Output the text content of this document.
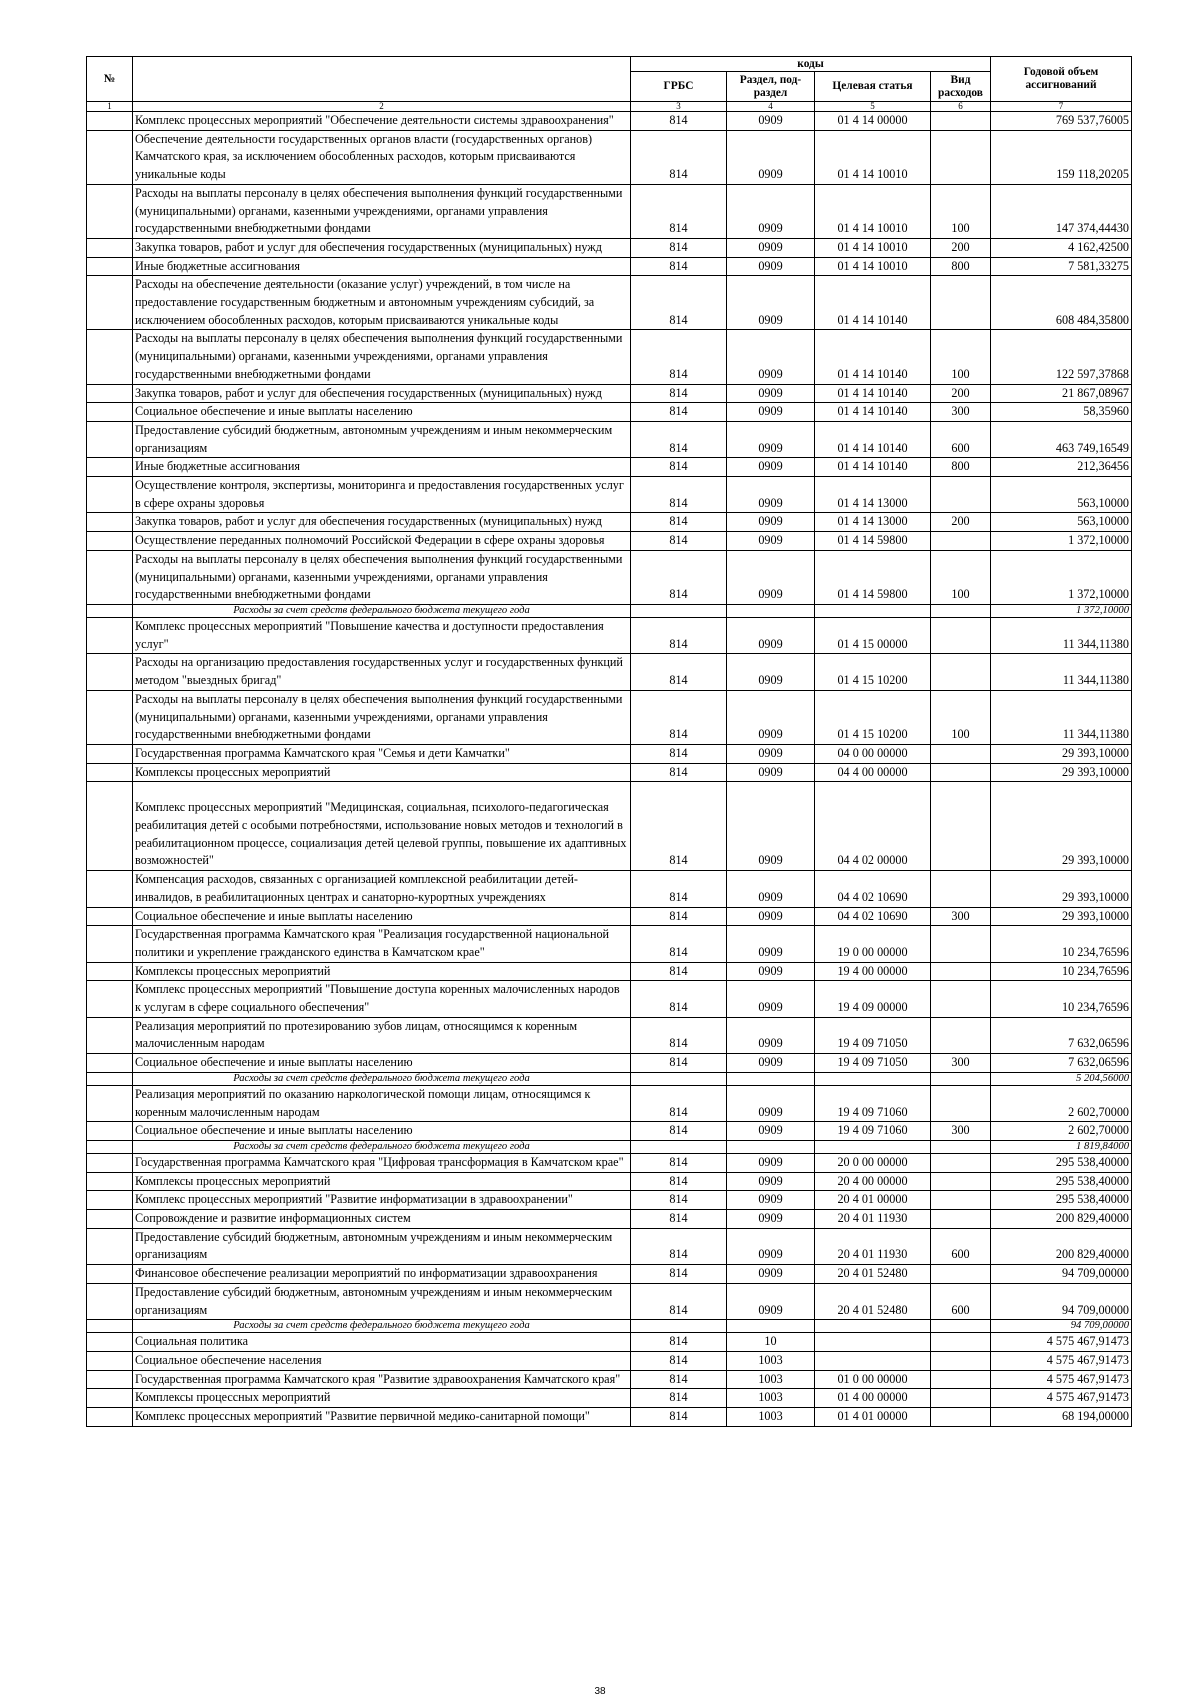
№		коды				Годовой объем ассигнований
		ГРБС	Раздел, под-раздел	Целевая статья	Вид расходов	
1	2	3	4	5	6	7
	Комплекс процессных мероприятий "Обеспечение деятельности системы здравоохранения"	814	0909	01 4 14 00000		769 537,76005
	Обеспечение деятельности государственных органов власти (государственных органов) Камчатского края, за исключением обособленных расходов, которым присваиваются уникальные коды	814	0909	01 4 14 10010		159 118,20205
	Расходы на выплаты персоналу в целях обеспечения выполнения функций государственными (муниципальными) органами, казенными учреждениями, органами управления государственными внебюджетными фондами	814	0909	01 4 14 10010	100	147 374,44430
	Закупка товаров, работ и услуг для обеспечения государственных (муниципальных) нужд	814	0909	01 4 14 10010	200	4 162,42500
	Иные бюджетные ассигнования	814	0909	01 4 14 10010	800	7 581,33275
	Расходы на обеспечение деятельности (оказание услуг) учреждений, в том числе на предоставление государственным бюджетным и автономным учреждениям субсидий, за исключением обособленных расходов, которым присваиваются уникальные коды	814	0909	01 4 14 10140		608 484,35800
	Расходы на выплаты персоналу в целях обеспечения выполнения функций государственными (муниципальными) органами, казенными учреждениями, органами управления государственными внебюджетными фондами	814	0909	01 4 14 10140	100	122 597,37868
	Закупка товаров, работ и услуг для обеспечения государственных (муниципальных) нужд	814	0909	01 4 14 10140	200	21 867,08967
	Социальное обеспечение и иные выплаты населению	814	0909	01 4 14 10140	300	58,35960
	Предоставление субсидий бюджетным, автономным учреждениям и иным некоммерческим организациям	814	0909	01 4 14 10140	600	463 749,16549
	Иные бюджетные ассигнования	814	0909	01 4 14 10140	800	212,36456
	Осуществление контроля, экспертизы, мониторинга и предоставления государственных услуг в сфере охраны здоровья	814	0909	01 4 14 13000		563,10000
	Закупка товаров, работ и услуг для обеспечения государственных (муниципальных) нужд	814	0909	01 4 14 13000	200	563,10000
	Осуществление переданных полномочий Российской Федерации в сфере охраны здоровья	814	0909	01 4 14 59800		1 372,10000
	Расходы на выплаты персоналу в целях обеспечения выполнения функций государственными (муниципальными) органами, казенными учреждениями, органами управления государственными внебюджетными фондами	814	0909	01 4 14 59800	100	1 372,10000
	Расходы за счет средств федерального бюджета текущего года					1 372,10000
	Комплекс процессных мероприятий "Повышение качества и доступности предоставления услуг"	814	0909	01 4 15 00000		11 344,11380
	Расходы на организацию предоставления государственных услуг и государственных функций методом "выездных бригад"	814	0909	01 4 15 10200		11 344,11380
	Расходы на выплаты персоналу в целях обеспечения выполнения функций государственными (муниципальными) органами, казенными учреждениями, органами управления государственными внебюджетными фондами	814	0909	01 4 15 10200	100	11 344,11380
	Государственная программа Камчатского края "Семья и дети Камчатки"	814	0909	04 0 00 00000		29 393,10000
	Комплексы процессных мероприятий	814	0909	04 4 00 00000		29 393,10000
	Комплекс процессных мероприятий "Медицинская, социальная, психолого-педагогическая реабилитация детей с особыми потребностями, использование новых методов и технологий в реабилитационном процессе, социализация детей целевой группы, повышение их адаптивных возможностей"	814	0909	04 4 02 00000		29 393,10000
	Компенсация расходов, связанных с организацией комплексной реабилитации детей-инвалидов, в реабилитационных центрах и санаторно-курортных учреждениях	814	0909	04 4 02 10690		29 393,10000
	Социальное обеспечение и иные выплаты населению	814	0909	04 4 02 10690	300	29 393,10000
	Государственная программа Камчатского края "Реализация государственной национальной политики и укрепление гражданского единства в Камчатском крае"	814	0909	19 0 00 00000		10 234,76596
	Комплексы процессных мероприятий	814	0909	19 4 00 00000		10 234,76596
	Комплекс процессных мероприятий "Повышение доступа коренных малочисленных народов к услугам в сфере социального обеспечения"	814	0909	19 4 09 00000		10 234,76596
	Реализация мероприятий по протезированию зубов лицам, относящимся к коренным малочисленным народам	814	0909	19 4 09 71050		7 632,06596
	Социальное обеспечение и иные выплаты населению	814	0909	19 4 09 71050	300	7 632,06596
	Расходы за счет средств федерального бюджета текущего года					5 204,56000
	Реализация мероприятий по оказанию наркологической помощи лицам, относящимся к коренным малочисленным народам	814	0909	19 4 09 71060		2 602,70000
	Социальное обеспечение и иные выплаты населению	814	0909	19 4 09 71060	300	2 602,70000
	Расходы за счет средств федерального бюджета текущего года					1 819,84000
	Государственная программа Камчатского края "Цифровая трансформация в Камчатском крае"	814	0909	20 0 00 00000		295 538,40000
	Комплексы процессных мероприятий	814	0909	20 4 00 00000		295 538,40000
	Комплекс процессных мероприятий "Развитие информатизации в здравоохранении"	814	0909	20 4 01 00000		295 538,40000
	Сопровождение и развитие информационных систем	814	0909	20 4 01 11930		200 829,40000
	Предоставление субсидий бюджетным, автономным учреждениям и иным некоммерческим организациям	814	0909	20 4 01 11930	600	200 829,40000
	Финансовое обеспечение реализации мероприятий по информатизации здравоохранения	814	0909	20 4 01 52480		94 709,00000
	Предоставление субсидий бюджетным, автономным учреждениям и иным некоммерческим организациям	814	0909	20 4 01 52480	600	94 709,00000
	Расходы за счет средств федерального бюджета текущего года					94 709,00000
	Социальная политика	814	10			4 575 467,91473
	Социальное обеспечение населения	814	1003			4 575 467,91473
	Государственная программа Камчатского края "Развитие здравоохранения Камчатского края"	814	1003	01 0 00 00000		4 575 467,91473
	Комплексы процессных мероприятий	814	1003	01 4 00 00000		4 575 467,91473
	Комплекс процессных мероприятий "Развитие первичной медико-санитарной помощи"	814	1003	01 4 01 00000		68 194,00000
38
